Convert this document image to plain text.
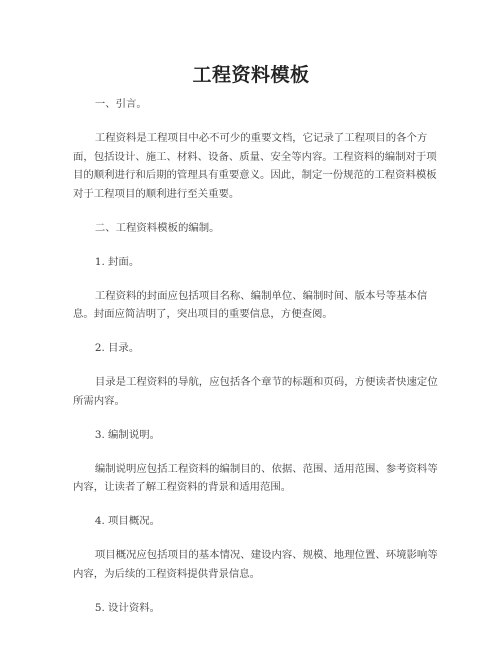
工程资料模板

一、引言。

工程资料是工程项目中必不可少的重要文档，它记录了工程项目的各个方面，包括设计、施工、材料、设备、质量、安全等内容。工程资料的编制对于项目的顺利进行和后期的管理具有重要意义。因此，制定一份规范的工程资料模板对于工程项目的顺利进行至关重要。

二、工程资料模板的编制。

1. 封面。

工程资料的封面应包括项目名称、编制单位、编制时间、版本号等基本信息。封面应简洁明了，突出项目的重要信息，方便查阅。

2. 目录。

目录是工程资料的导航，应包括各个章节的标题和页码，方便读者快速定位所需内容。

3. 编制说明。

编制说明应包括工程资料的编制目的、依据、范围、适用范围、参考资料等内容，让读者了解工程资料的背景和适用范围。

4. 项目概况。

项目概况应包括项目的基本情况、建设内容、规模、地理位置、环境影响等内容，为后续的工程资料提供背景信息。

5. 设计资料。
